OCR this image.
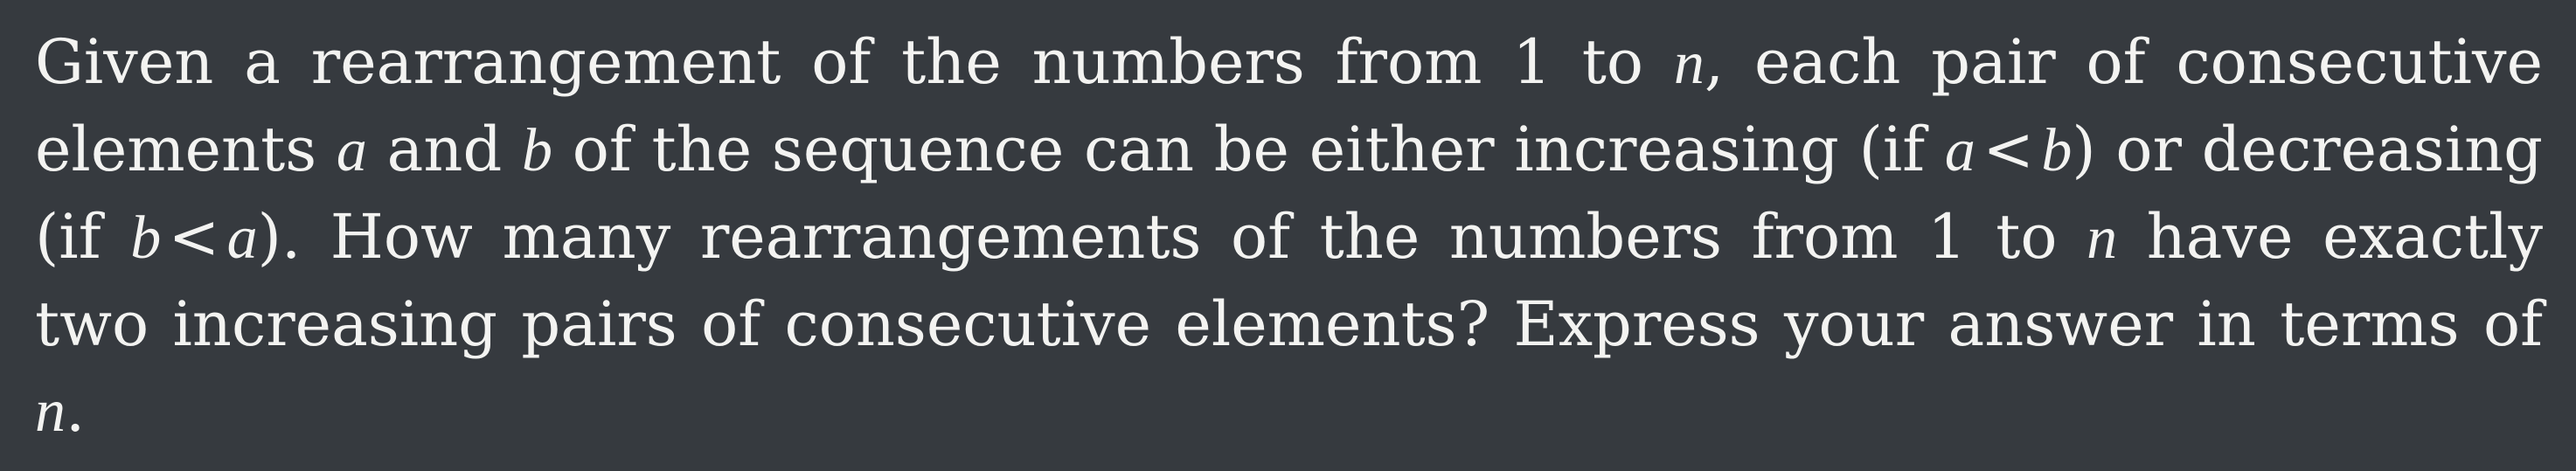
Given a rearrangement of the numbers from 1 to n, each pair of consecutive elements a and b of the sequence can be either increasing (if a < b) or decreasing (if b < a). How many rearrangements of the numbers from 1 to n have exactly two increasing pairs of consecutive elements? Express your answer in terms of n.
